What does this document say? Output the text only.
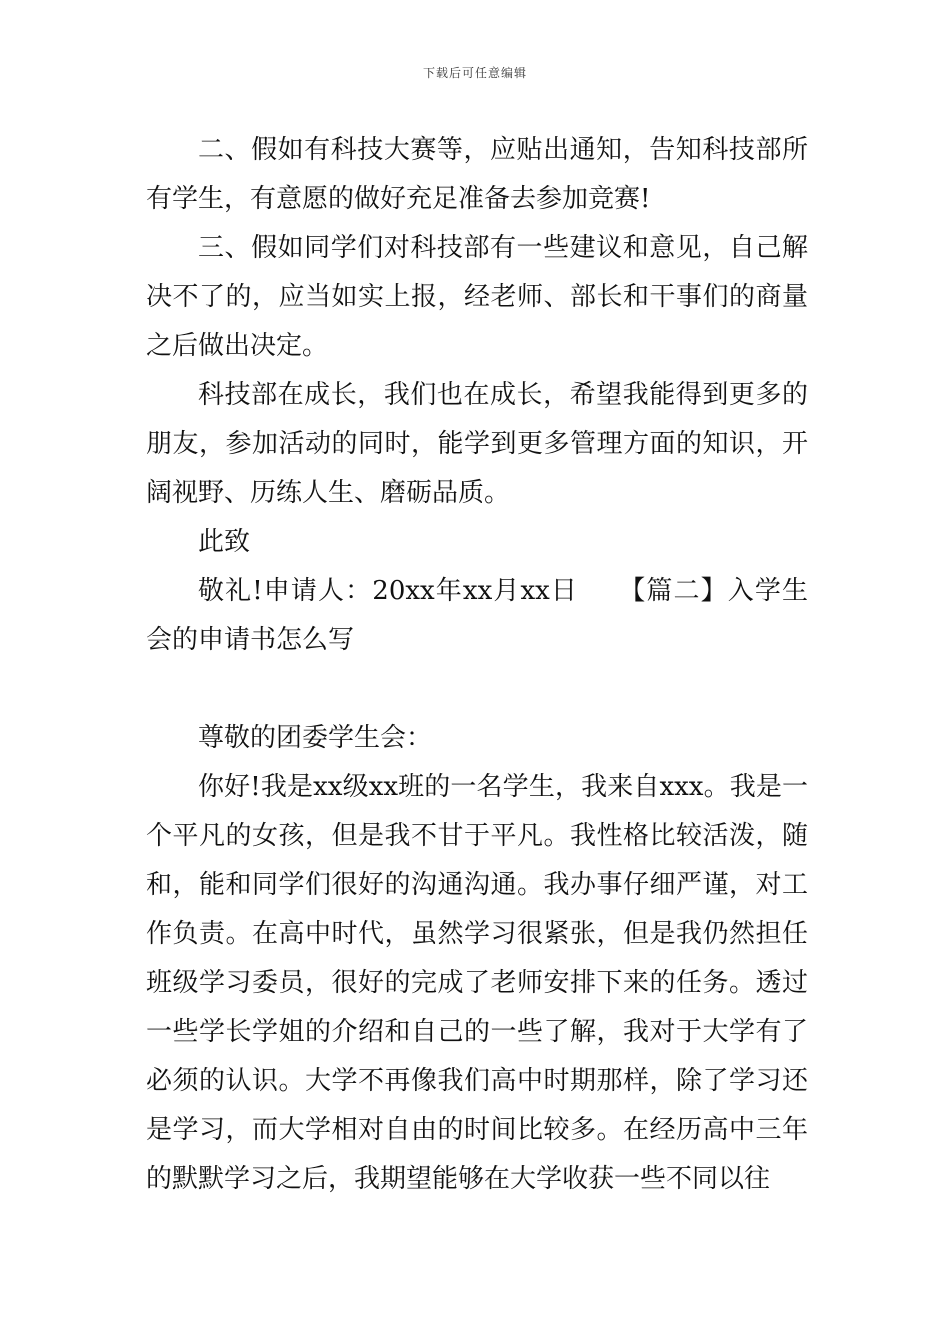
下载后可任意编辑

二、假如有科技大赛等，应贴出通知，告知科技部所有学生，有意愿的做好充足准备去参加竞赛!

三、假如同学们对科技部有一些建议和意见，自己解决不了的，应当如实上报，经老师、部长和干事们的商量之后做出决定。

科技部在成长，我们也在成长，希望我能得到更多的朋友，参加活动的同时，能学到更多管理方面的知识，开阔视野、历练人生、磨砺品质。

此致

敬礼!申请人：20xx年xx月xx日　　【篇二】入学生会的申请书怎么写

尊敬的团委学生会：

你好!我是xx级xx班的一名学生，我来自xxx。我是一个平凡的女孩，但是我不甘于平凡。我性格比较活泼，随和，能和同学们很好的沟通沟通。我办事仔细严谨，对工作负责。在高中时代，虽然学习很紧张，但是我仍然担任班级学习委员，很好的完成了老师安排下来的任务。透过一些学长学姐的介绍和自己的一些了解，我对于大学有了必须的认识。大学不再像我们高中时期那样，除了学习还是学习，而大学相对自由的时间比较多。在经历高中三年的默默学习之后，我期望能够在大学收获一些不同以往
